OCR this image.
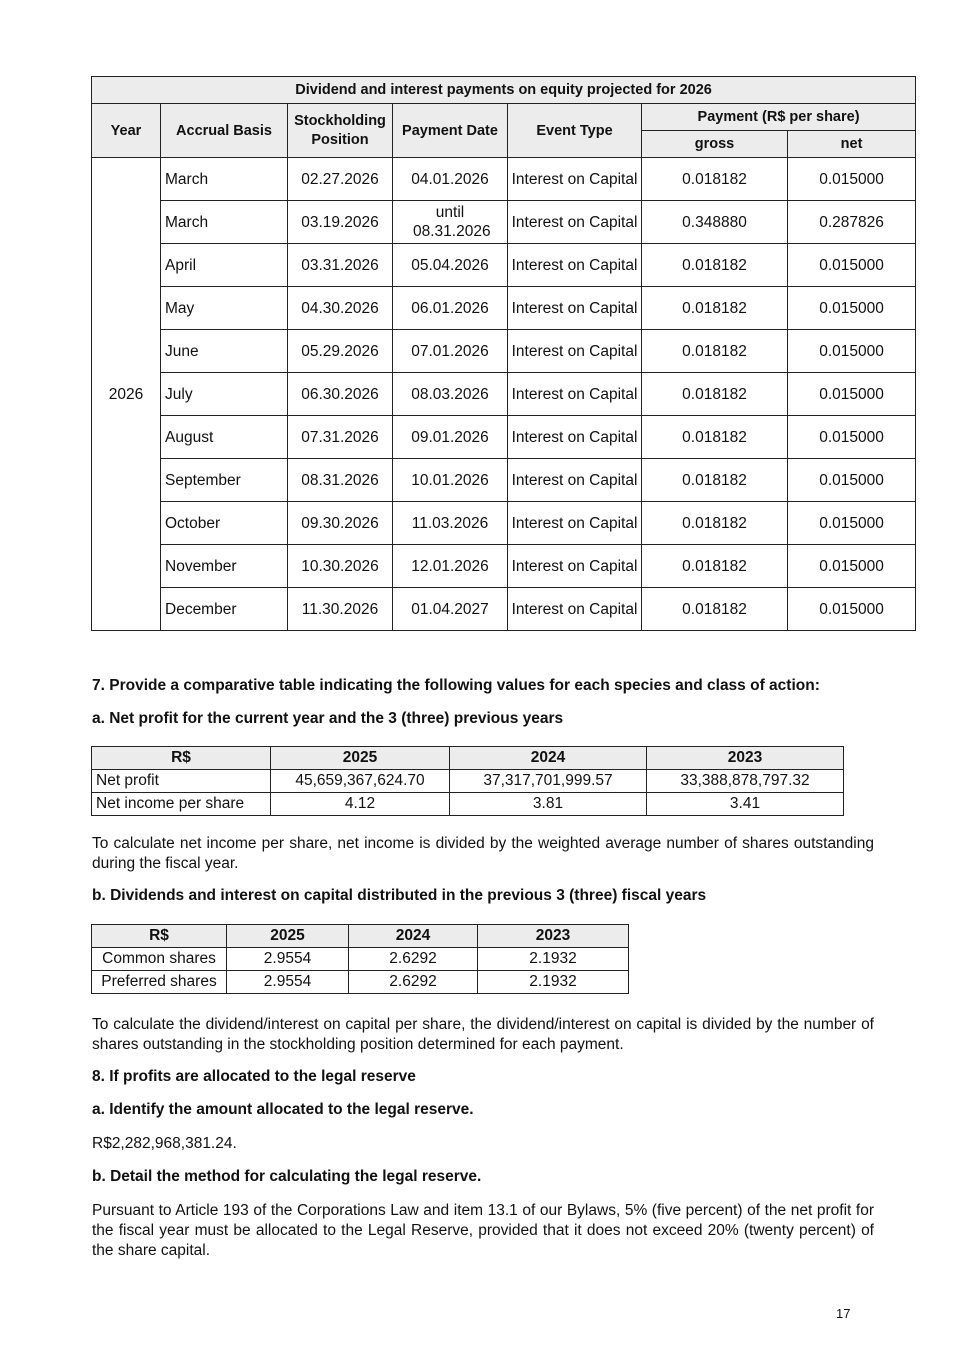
Dividend and interest payments on equity projected for 2026						
Year	Accrual Basis	Stockholding Position	Payment Date	Event Type	Payment (R$ per share)	
					gross	net
2026	March	02.27.2026	04.01.2026	Interest on Capital	0.018182	0.015000
	March	03.19.2026	until 08.31.2026	Interest on Capital	0.348880	0.287826
	April	03.31.2026	05.04.2026	Interest on Capital	0.018182	0.015000
	May	04.30.2026	06.01.2026	Interest on Capital	0.018182	0.015000
	June	05.29.2026	07.01.2026	Interest on Capital	0.018182	0.015000
	July	06.30.2026	08.03.2026	Interest on Capital	0.018182	0.015000
	August	07.31.2026	09.01.2026	Interest on Capital	0.018182	0.015000
	September	08.31.2026	10.01.2026	Interest on Capital	0.018182	0.015000
	October	09.30.2026	11.03.2026	Interest on Capital	0.018182	0.015000
	November	10.30.2026	12.01.2026	Interest on Capital	0.018182	0.015000
	December	11.30.2026	01.04.2027	Interest on Capital	0.018182	0.015000
7. Provide a comparative table indicating the following values for each species and class of action:
a. Net profit for the current year and the 3 (three) previous years
R$	2025	2024	2023
Net profit	45,659,367,624.70	37,317,701,999.57	33,388,878,797.32
Net income per share	4.12	3.81	3.41
To calculate net income per share, net income is divided by the weighted average number of shares outstanding during the fiscal year.
b. Dividends and interest on capital distributed in the previous 3 (three) fiscal years
R$	2025	2024	2023
Common shares	2.9554	2.6292	2.1932
Preferred shares	2.9554	2.6292	2.1932
To calculate the dividend/interest on capital per share, the dividend/interest on capital is divided by the number of shares outstanding in the stockholding position determined for each payment.
8. If profits are allocated to the legal reserve
a. Identify the amount allocated to the legal reserve.
R$2,282,968,381.24.
b. Detail the method for calculating the legal reserve.
Pursuant to Article 193 of the Corporations Law and item 13.1 of our Bylaws, 5% (five percent) of the net profit for the fiscal year must be allocated to the Legal Reserve, provided that it does not exceed 20% (twenty percent) of the share capital.
17
